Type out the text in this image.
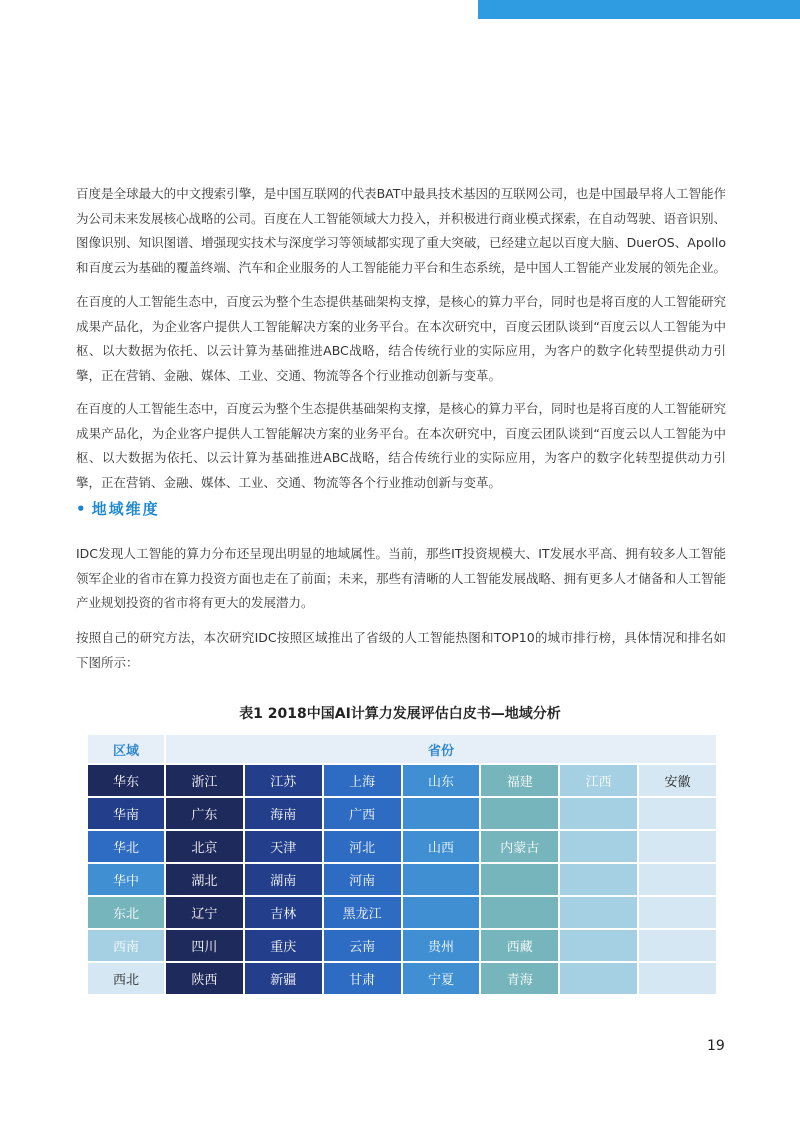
百度是全球最大的中文搜索引擎，是中国互联网的代表BAT中最具技术基因的互联网公司，也是中国最早将人工智能作为公司未来发展核心战略的公司。百度在人工智能领域大力投入，并积极进行商业模式探索，在自动驾驶、语音识别、图像识别、知识图谱、增强现实技术与深度学习等领域都实现了重大突破，已经建立起以百度大脑、DuerOS、Apollo和百度云为基础的覆盖终端、汽车和企业服务的人工智能能力平台和生态系统，是中国人工智能产业发展的领先企业。

在百度的人工智能生态中，百度云为整个生态提供基础架构支撑，是核心的算力平台，同时也是将百度的人工智能研究成果产品化，为企业客户提供人工智能解决方案的业务平台。在本次研究中，百度云团队谈到“百度云以人工智能为中枢、以大数据为依托、以云计算为基础推进ABC战略，结合传统行业的实际应用，为客户的数字化转型提供动力引擎，正在营销、金融、媒体、工业、交通、物流等各个行业推动创新与变革。

在百度的人工智能生态中，百度云为整个生态提供基础架构支撑，是核心的算力平台，同时也是将百度的人工智能研究成果产品化，为企业客户提供人工智能解决方案的业务平台。在本次研究中，百度云团队谈到“百度云以人工智能为中枢、以大数据为依托、以云计算为基础推进ABC战略，结合传统行业的实际应用，为客户的数字化转型提供动力引擎，正在营销、金融、媒体、工业、交通、物流等各个行业推动创新与变革。

• 地域维度

IDC发现人工智能的算力分布还呈现出明显的地域属性。当前，那些IT投资规模大、IT发展水平高、拥有较多人工智能领军企业的省市在算力投资方面也走在了前面；未来，那些有清晰的人工智能发展战略、拥有更多人才储备和人工智能产业规划投资的省市将有更大的发展潜力。

按照自己的研究方法，本次研究IDC按照区域推出了省级的人工智能热图和TOP10的城市排行榜，具体情况和排名如下图所示：

表1 2018中国AI计算力发展评估白皮书—地域分析
区域	省份						
华东	浙江	江苏	上海	山东	福建	江西	安徽
华南	广东	海南	广西				
华北	北京	天津	河北	山西	内蒙古		
华中	湖北	湖南	河南				
东北	辽宁	吉林	黑龙江				
西南	四川	重庆	云南	贵州	西藏		
西北	陕西	新疆	甘肃	宁夏	青海		
19
